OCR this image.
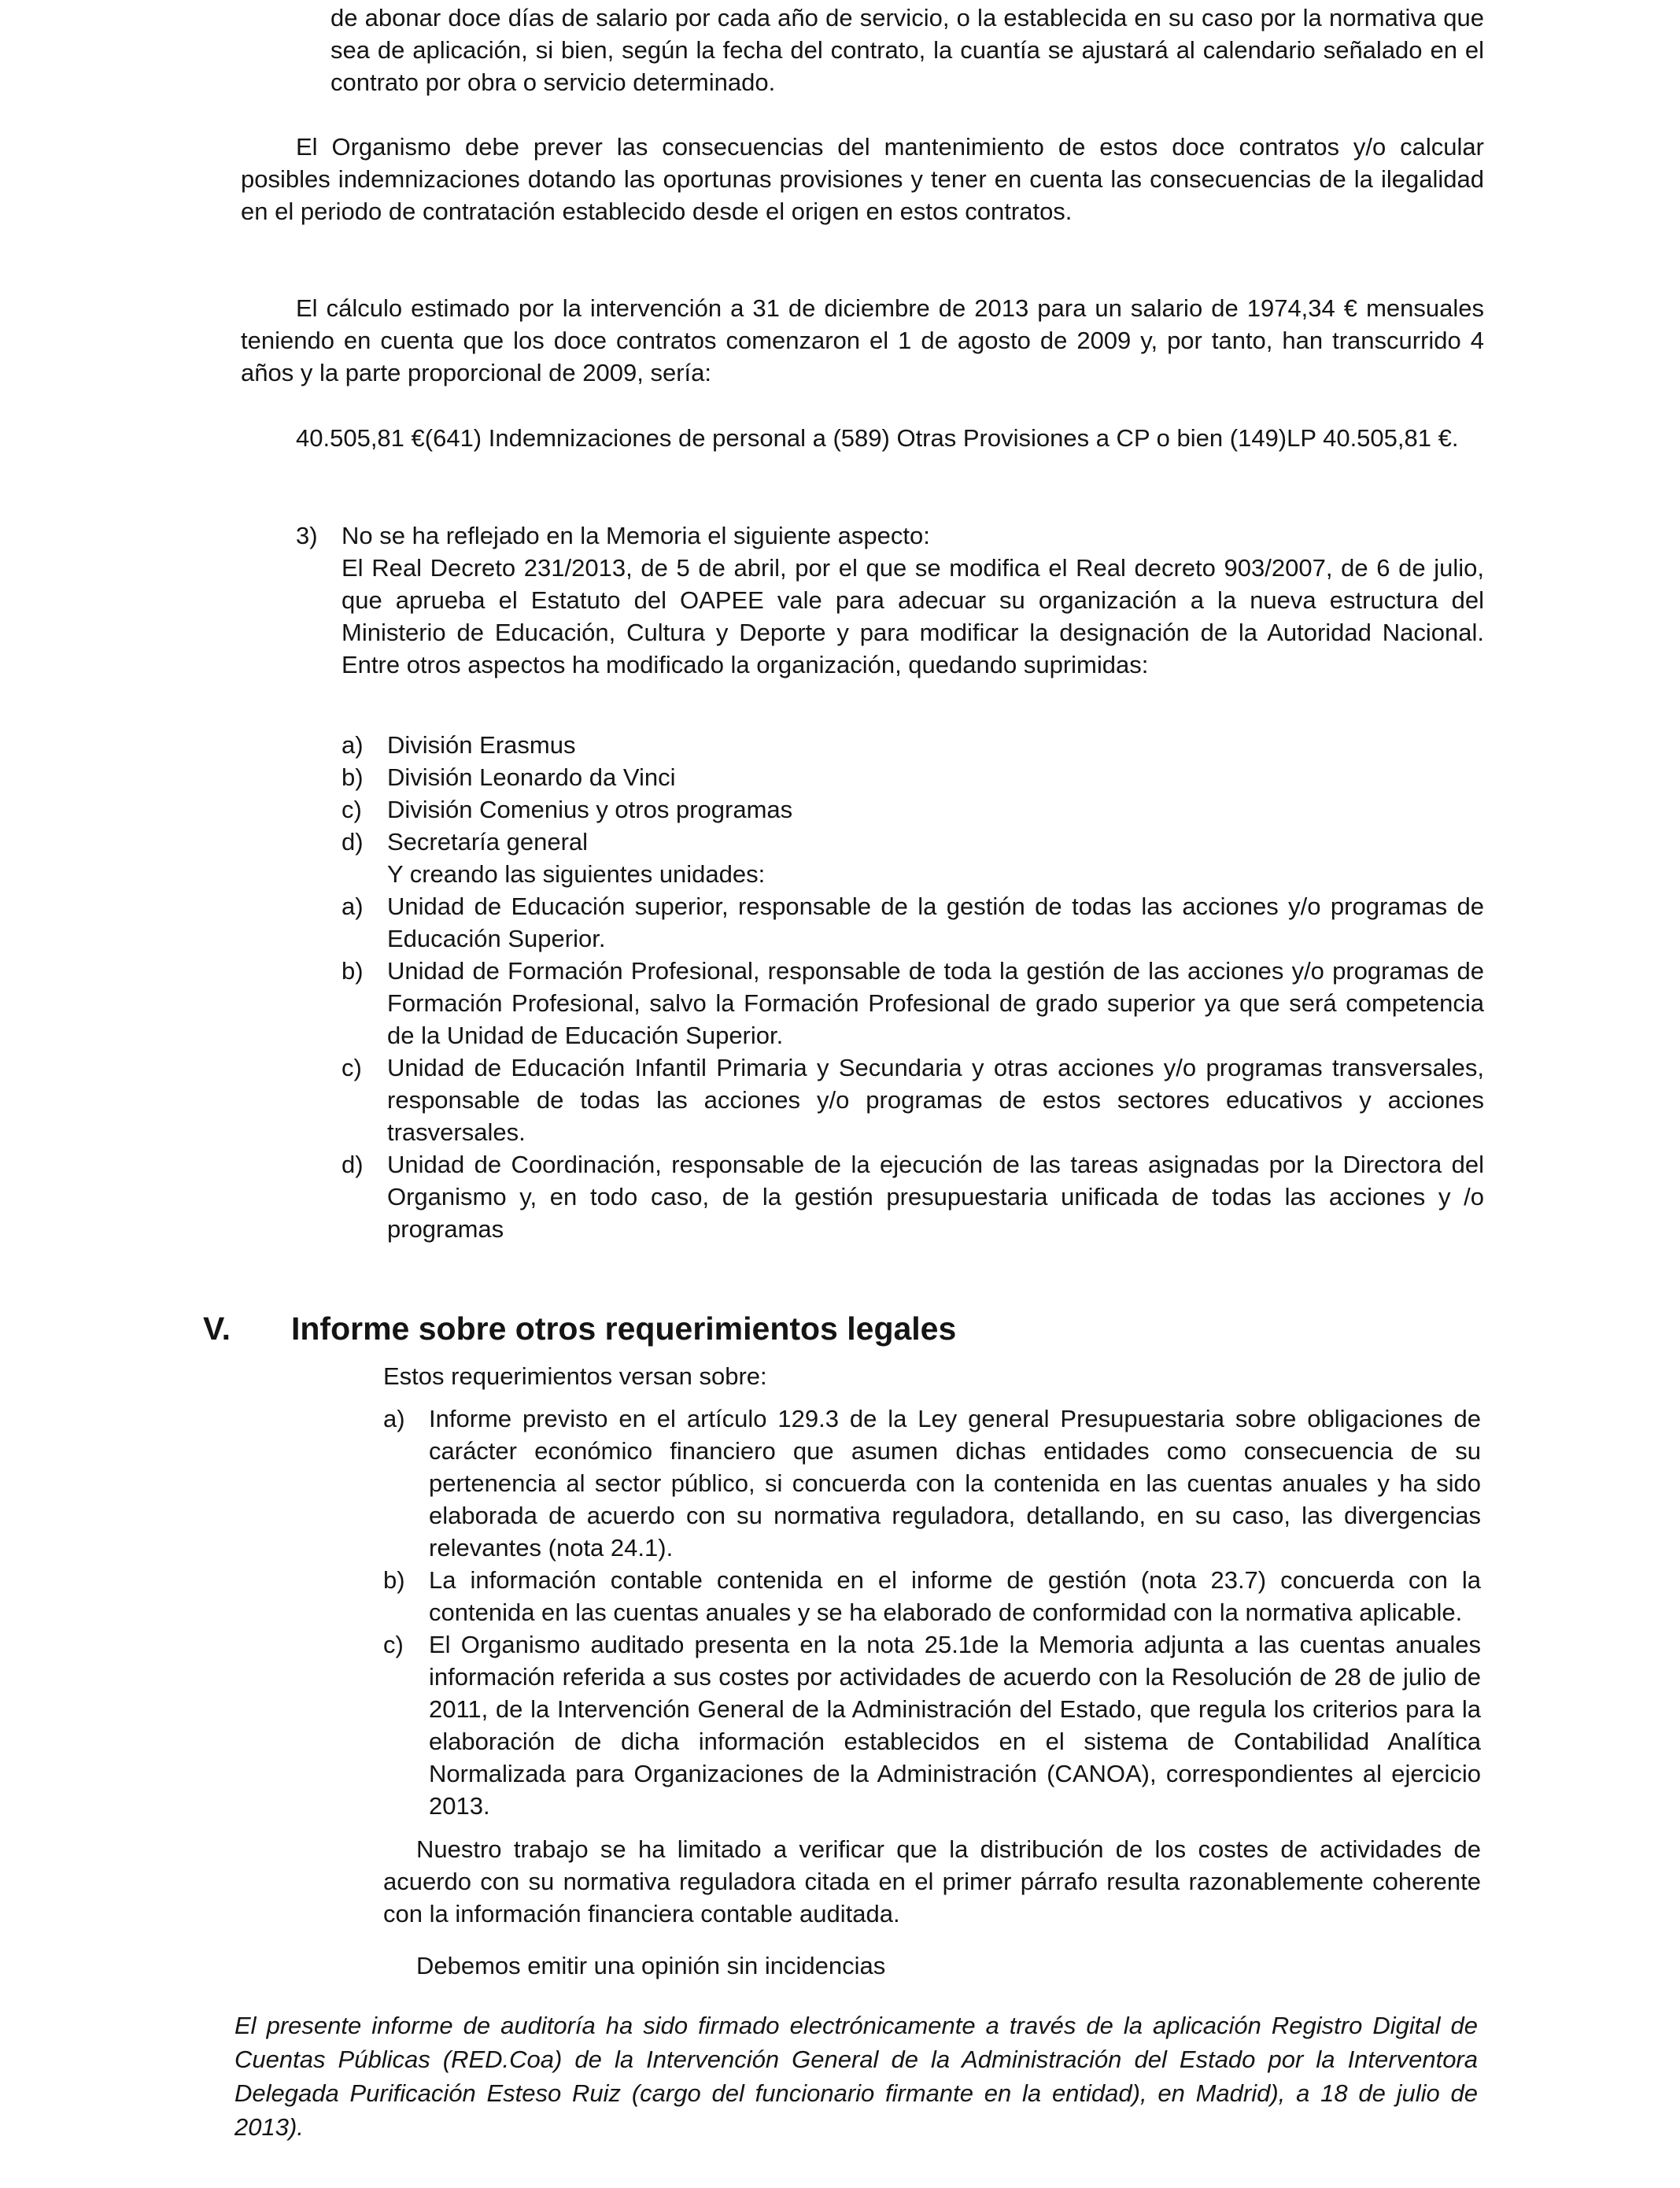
de abonar doce días de salario por cada año de servicio, o la establecida en su caso por la normativa que sea de aplicación, si bien, según la fecha del contrato, la cuantía se ajustará al calendario señalado en el contrato por obra o servicio determinado.

El Organismo debe prever las consecuencias del mantenimiento de estos doce contratos y/o calcular posibles indemnizaciones dotando las oportunas provisiones y tener en cuenta las consecuencias de la ilegalidad en el periodo de contratación establecido desde el origen en estos contratos.

El cálculo estimado por la intervención a 31 de diciembre de 2013 para un salario de 1974,34 € mensuales teniendo en cuenta que los doce contratos comenzaron el 1 de agosto de 2009 y, por tanto, han transcurrido 4 años y la parte proporcional de 2009, sería:

40.505,81 €(641) Indemnizaciones de personal a (589) Otras Provisiones a CP o bien (149)LP 40.505,81 €.

3) No se ha reflejado en la Memoria el siguiente aspecto:
El Real Decreto 231/2013, de 5 de abril, por el que se modifica el Real decreto 903/2007, de 6 de julio, que aprueba el Estatuto del OAPEE vale para adecuar su organización a la nueva estructura del Ministerio de Educación, Cultura y Deporte y para modificar la designación de la Autoridad Nacional. Entre otros aspectos ha modificado la organización, quedando suprimidas:
a) División Erasmus
b) División Leonardo da Vinci
c) División Comenius y otros programas
d) Secretaría general
Y creando las siguientes unidades:
a) Unidad de Educación superior, responsable de la gestión de todas las acciones y/o programas de Educación Superior.
b) Unidad de Formación Profesional, responsable de toda la gestión de las acciones y/o programas de Formación Profesional, salvo la Formación Profesional de grado superior ya que será competencia de la Unidad de Educación Superior.
c) Unidad de Educación Infantil Primaria y Secundaria y otras acciones y/o programas transversales, responsable de todas las acciones y/o programas de estos sectores educativos y acciones trasversales.
d) Unidad de Coordinación, responsable de la ejecución de las tareas asignadas por la Directora del Organismo y, en todo caso, de la gestión presupuestaria unificada de todas las acciones y /o programas
V. Informe sobre otros requerimientos legales
Estos requerimientos versan sobre:
a) Informe previsto en el artículo 129.3 de la Ley general Presupuestaria sobre obligaciones de carácter económico financiero que asumen dichas entidades como consecuencia de su pertenencia al sector público, si concuerda con la contenida en las cuentas anuales y ha sido elaborada de acuerdo con su normativa reguladora, detallando, en su caso, las divergencias relevantes (nota 24.1).
b) La información contable contenida en el informe de gestión (nota 23.7) concuerda con la contenida en las cuentas anuales y se ha elaborado de conformidad con la normativa aplicable.
c) El Organismo auditado presenta en la nota 25.1de la Memoria adjunta a las cuentas anuales información referida a sus costes por actividades de acuerdo con la Resolución de 28 de julio de 2011, de la Intervención General de la Administración del Estado, que regula los criterios para la elaboración de dicha información establecidos en el sistema de Contabilidad Analítica Normalizada para Organizaciones de la Administración (CANOA), correspondientes al ejercicio 2013.

Nuestro trabajo se ha limitado a verificar que la distribución de los costes de actividades de acuerdo con su normativa reguladora citada en el primer párrafo resulta razonablemente coherente con la información financiera contable auditada.

Debemos emitir una opinión sin incidencias

El presente informe de auditoría ha sido firmado electrónicamente a través de la aplicación Registro Digital de Cuentas Públicas (RED.Coa) de la Intervención General de la Administración del Estado por la Interventora Delegada Purificación Esteso Ruiz (cargo del funcionario firmante en la entidad), en Madrid), a 18 de julio de 2013).
